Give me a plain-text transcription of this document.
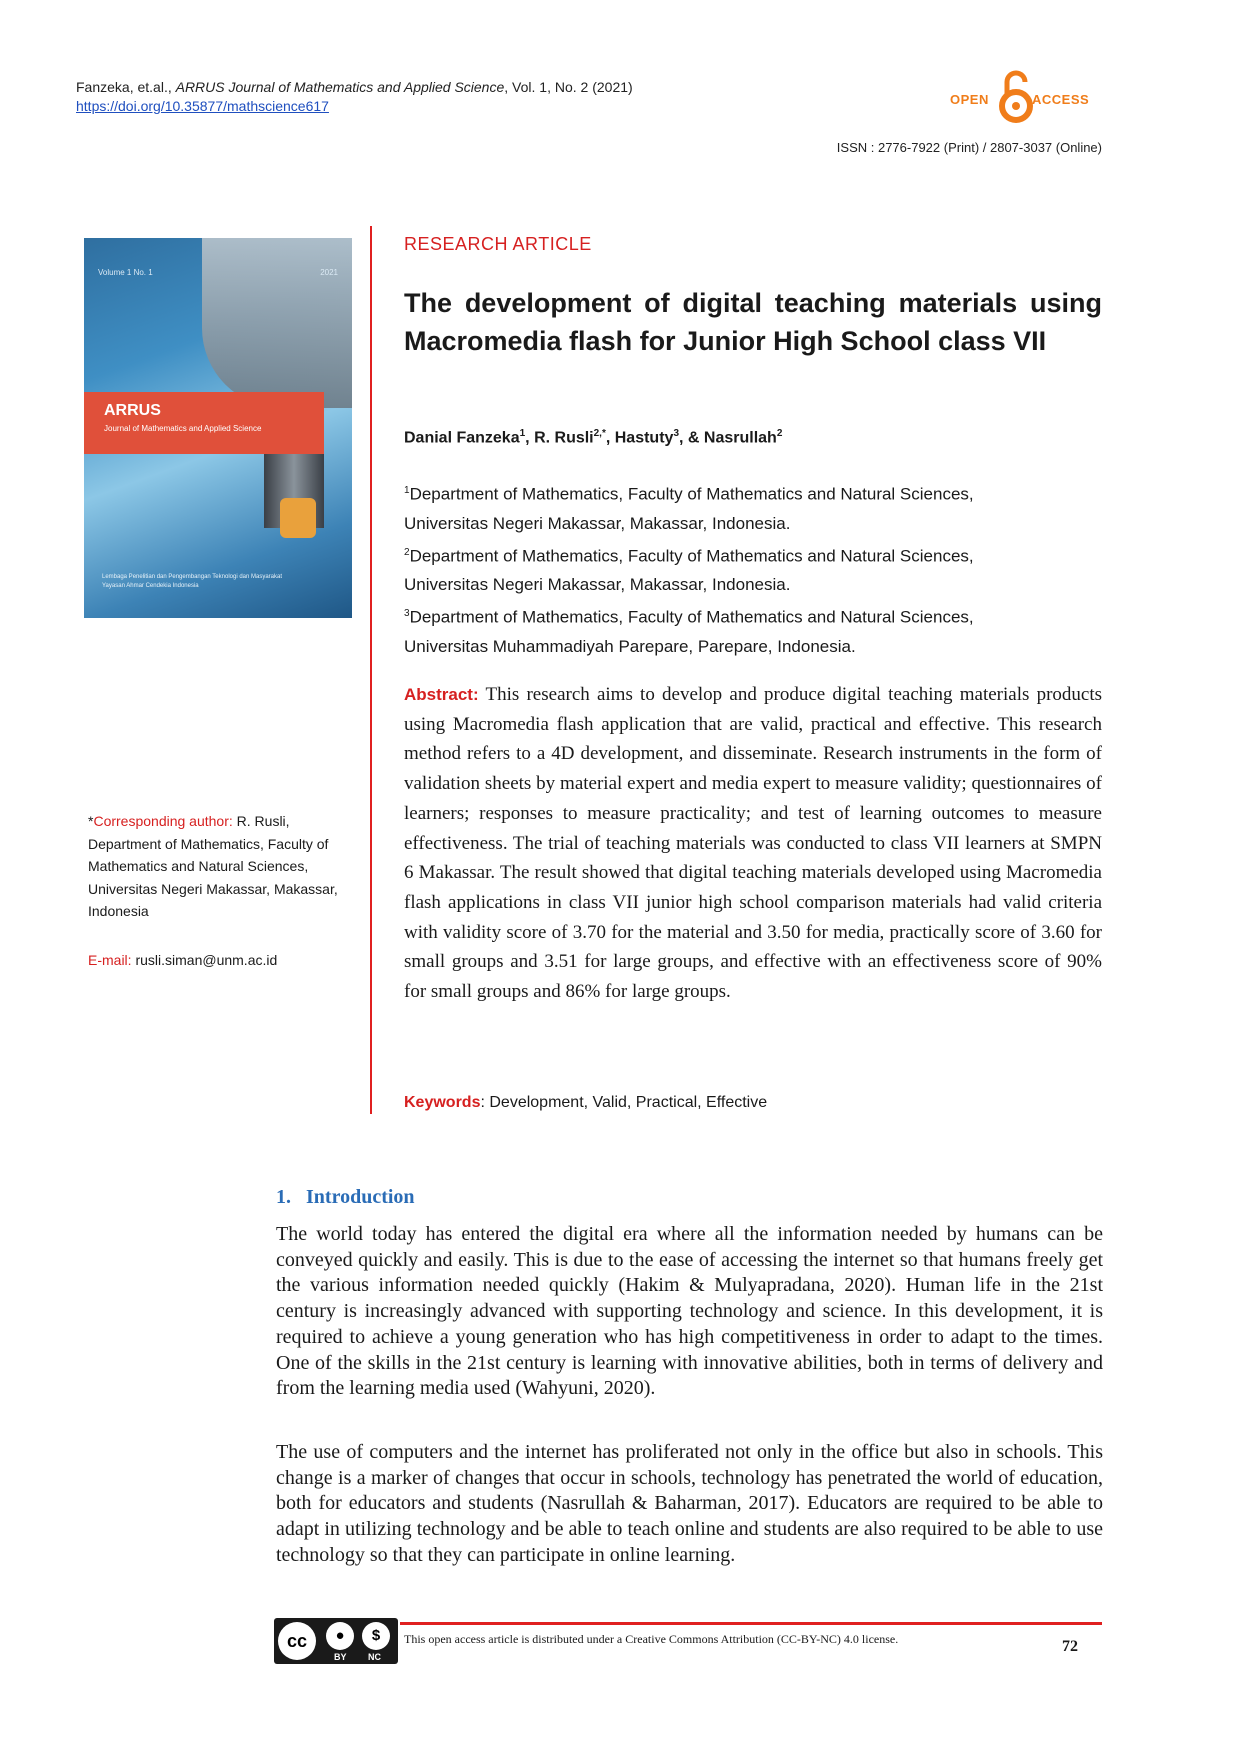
Fanzeka, et.al., ARRUS Journal of Mathematics and Applied Science, Vol. 1, No. 2 (2021)
https://doi.org/10.35877/mathscience617	OPEN	ACCESS
ISSN : 2776-7922 (Print) / 2807-3037 (Online)
Volume 1 No. 1	2021
ARRUS
Journal of Mathematics and Applied Science
Lembaga Penelitian dan Pengembangan Teknologi dan Masyarakat
Yayasan Ahmar Cendekia Indonesia
RESEARCH ARTICLE
The development of digital teaching materials using Macromedia flash for Junior High School class VII
Danial Fanzeka$^1$, R. Rusli$^{2,*}$, Hastuty$^3$, & Nasrullah$^2$
$^1$Department of Mathematics, Faculty of Mathematics and Natural Sciences,
Universitas Negeri Makassar, Makassar, Indonesia.
$^2$Department of Mathematics, Faculty of Mathematics and Natural Sciences,
Universitas Negeri Makassar, Makassar, Indonesia.
$^3$Department of Mathematics, Faculty of Mathematics and Natural Sciences,
Universitas Muhammadiyah Parepare, Parepare, Indonesia.
Abstract: This research aims to develop and produce digital teaching materials products using Macromedia flash application that are valid, practical and effective. This research method refers to a 4D development, and disseminate. Research instruments in the form of validation sheets by material expert and media expert to measure validity; questionnaires of learners; responses to measure practicality; and test of learning outcomes to measure effectiveness. The trial of teaching materials was conducted to class VII learners at SMPN 6 Makassar. The result showed that digital teaching materials developed using Macromedia flash applications in class VII junior high school comparison materials had valid criteria with validity score of 3.70 for the material and 3.50 for media, practically score of 3.60 for small groups and 3.51 for large groups, and effective with an effectiveness score of 90% for small groups and 86% for large groups.
Keywords: Development, Valid, Practical, Effective
*Corresponding author: R. Rusli, Department of Mathematics, Faculty of Mathematics and Natural Sciences, Universitas Negeri Makassar, Makassar, Indonesia
E-mail: rusli.siman@unm.ac.id
1.   Introduction
The world today has entered the digital era where all the information needed by humans can be conveyed quickly and easily. This is due to the ease of accessing the internet so that humans freely get the various information needed quickly (Hakim & Mulyapradana, 2020). Human life in the 21st century is increasingly advanced with supporting technology and science. In this development, it is required to achieve a young generation who has high competitiveness in order to adapt to the times. One of the skills in the 21st century is learning with innovative abilities, both in terms of delivery and from the learning media used (Wahyuni, 2020).
The use of computers and the internet has proliferated not only in the office but also in schools. This change is a marker of changes that occur in schools, technology has penetrated the world of education, both for educators and students (Nasrullah & Baharman, 2017). Educators are required to be able to adapt in utilizing technology and be able to teach online and students are also required to be able to use technology so that they can participate in online learning.
cc	●	$
BY NC
This open access article is distributed under a Creative Commons Attribution (CC-BY-NC) 4.0 license.	72
